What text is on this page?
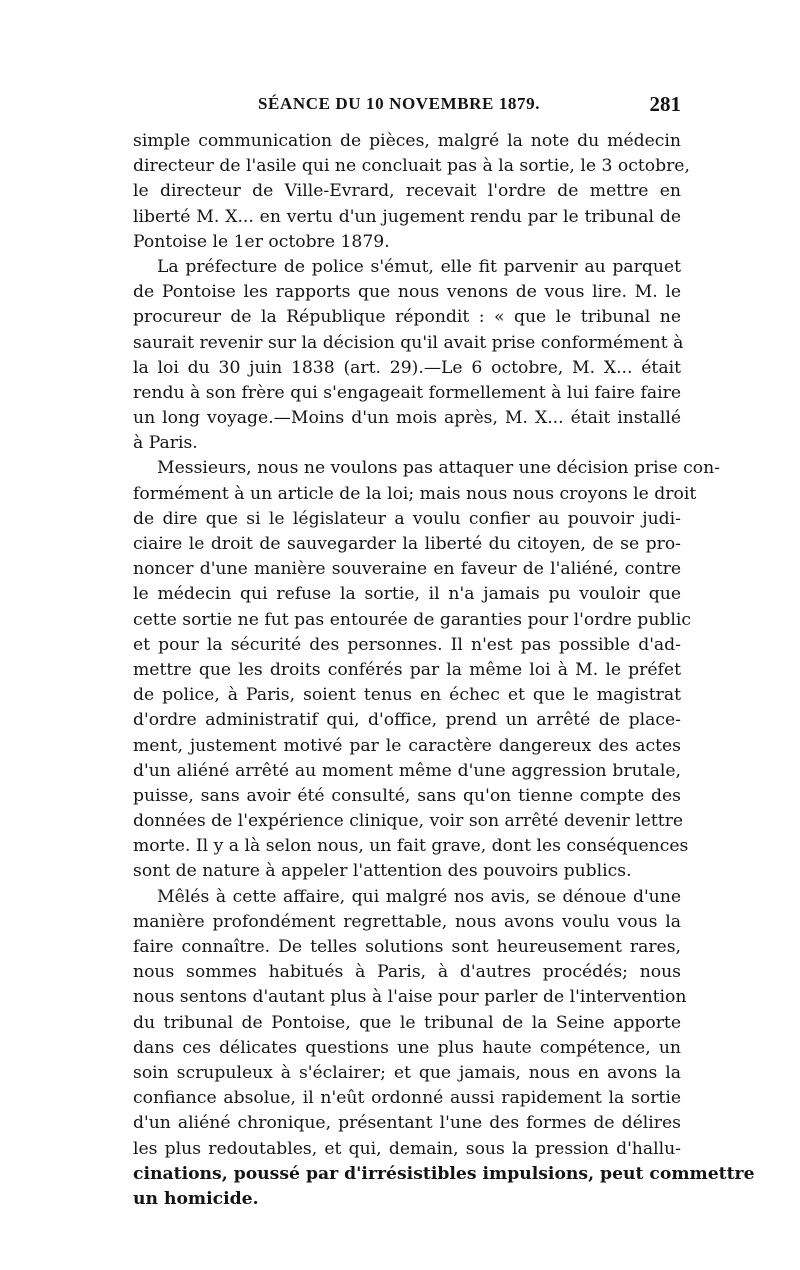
SÉANCE DU 10 NOVEMBRE 1879.	281
simple communication de pièces, malgré la note du médecin
directeur de l'asile qui ne concluait pas à la sortie, le 3 octobre,
le directeur de Ville-Evrard, recevait l'ordre de mettre en
liberté M. X... en vertu d'un jugement rendu par le tribunal de
Pontoise le 1er octobre 1879.
La préfecture de police s'émut, elle fit parvenir au parquet
de Pontoise les rapports que nous venons de vous lire. M. le
procureur de la République répondit : « que le tribunal ne
saurait revenir sur la décision qu'il avait prise conformément à
la loi du 30 juin 1838 (art. 29).—Le 6 octobre, M. X... était
rendu à son frère qui s'engageait formellement à lui faire faire
un long voyage.—Moins d'un mois après, M. X... était installé
à Paris.
Messieurs, nous ne voulons pas attaquer une décision prise con-
formément à un article de la loi; mais nous nous croyons le droit
de dire que si le législateur a voulu confier au pouvoir judi-
ciaire le droit de sauvegarder la liberté du citoyen, de se pro-
noncer d'une manière souveraine en faveur de l'aliéné, contre
le médecin qui refuse la sortie, il n'a jamais pu vouloir que
cette sortie ne fut pas entourée de garanties pour l'ordre public
et pour la sécurité des personnes. Il n'est pas possible d'ad-
mettre que les droits conférés par la même loi à M. le préfet
de police, à Paris, soient tenus en échec et que le magistrat
d'ordre administratif qui, d'office, prend un arrêté de place-
ment, justement motivé par le caractère dangereux des actes
d'un aliéné arrêté au moment même d'une aggression brutale,
puisse, sans avoir été consulté, sans qu'on tienne compte des
données de l'expérience clinique, voir son arrêté devenir lettre
morte. Il y a là selon nous, un fait grave, dont les conséquences
sont de nature à appeler l'attention des pouvoirs publics.
Mêlés à cette affaire, qui malgré nos avis, se dénoue d'une
manière profondément regrettable, nous avons voulu vous la
faire connaître. De telles solutions sont heureusement rares,
nous sommes habitués à Paris, à d'autres procédés; nous
nous sentons d'autant plus à l'aise pour parler de l'intervention
du tribunal de Pontoise, que le tribunal de la Seine apporte
dans ces délicates questions une plus haute compétence, un
soin scrupuleux à s'éclairer; et que jamais, nous en avons la
confiance absolue, il n'eût ordonné aussi rapidement la sortie
d'un aliéné chronique, présentant l'une des formes de délires
les plus redoutables, et qui, demain, sous la pression d'hallu-
cinations, poussé par d'irrésistibles impulsions, peut commettre
un homicide.
